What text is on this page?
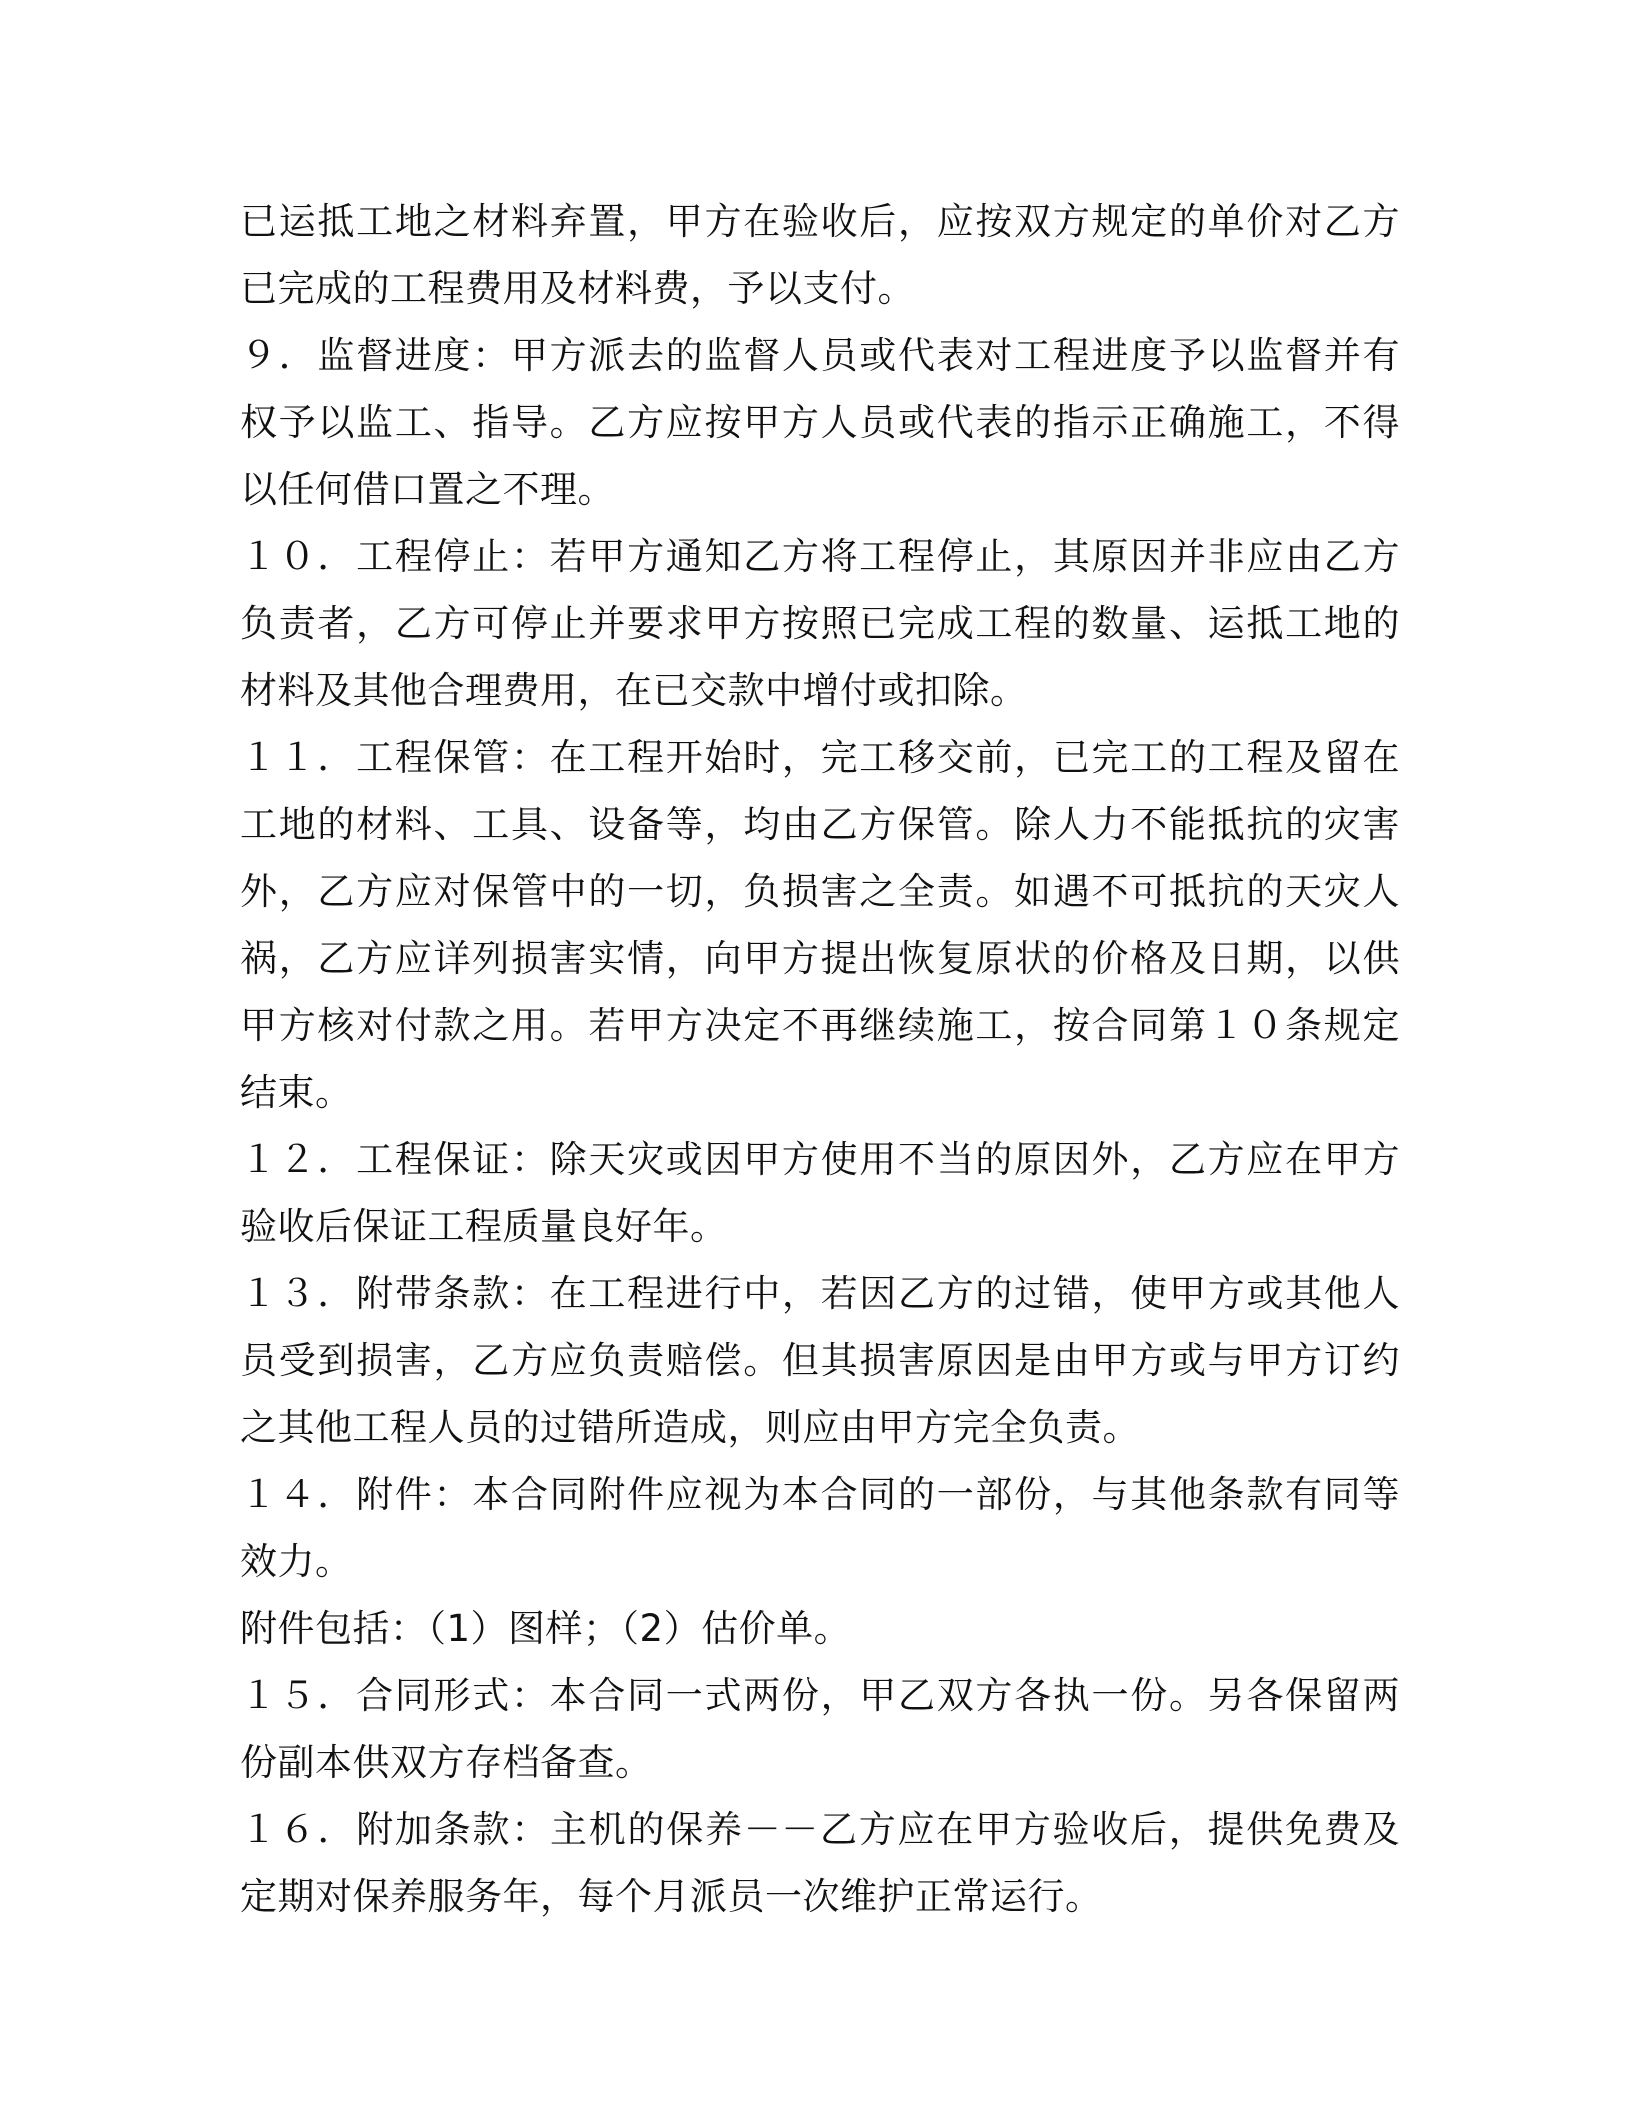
已运抵工地之材料弃置，甲方在验收后，应按双方规定的单价对乙方已完成的工程费用及材料费，予以支付。

９．监督进度：甲方派去的监督人员或代表对工程进度予以监督并有权予以监工、指导。乙方应按甲方人员或代表的指示正确施工，不得以任何借口置之不理。

１０．工程停止：若甲方通知乙方将工程停止，其原因并非应由乙方负责者，乙方可停止并要求甲方按照已完成工程的数量、运抵工地的材料及其他合理费用，在已交款中增付或扣除。

１１．工程保管：在工程开始时，完工移交前，已完工的工程及留在工地的材料、工具、设备等，均由乙方保管。除人力不能抵抗的灾害外，乙方应对保管中的一切，负损害之全责。如遇不可抵抗的天灾人祸，乙方应详列损害实情，向甲方提出恢复原状的价格及日期，以供甲方核对付款之用。若甲方决定不再继续施工，按合同第１０条规定结束。

１２．工程保证：除天灾或因甲方使用不当的原因外，乙方应在甲方验收后保证工程质量良好年。

１３．附带条款：在工程进行中，若因乙方的过错，使甲方或其他人员受到损害，乙方应负责赔偿。但其损害原因是由甲方或与甲方订约之其他工程人员的过错所造成，则应由甲方完全负责。

１４．附件：本合同附件应视为本合同的一部份，与其他条款有同等效力。

附件包括：（1）图样；（2）估价单。

１５．合同形式：本合同一式两份，甲乙双方各执一份。另各保留两份副本供双方存档备查。

１６．附加条款：主机的保养－－乙方应在甲方验收后，提供免费及定期对保养服务年，每个月派员一次维护正常运行。
